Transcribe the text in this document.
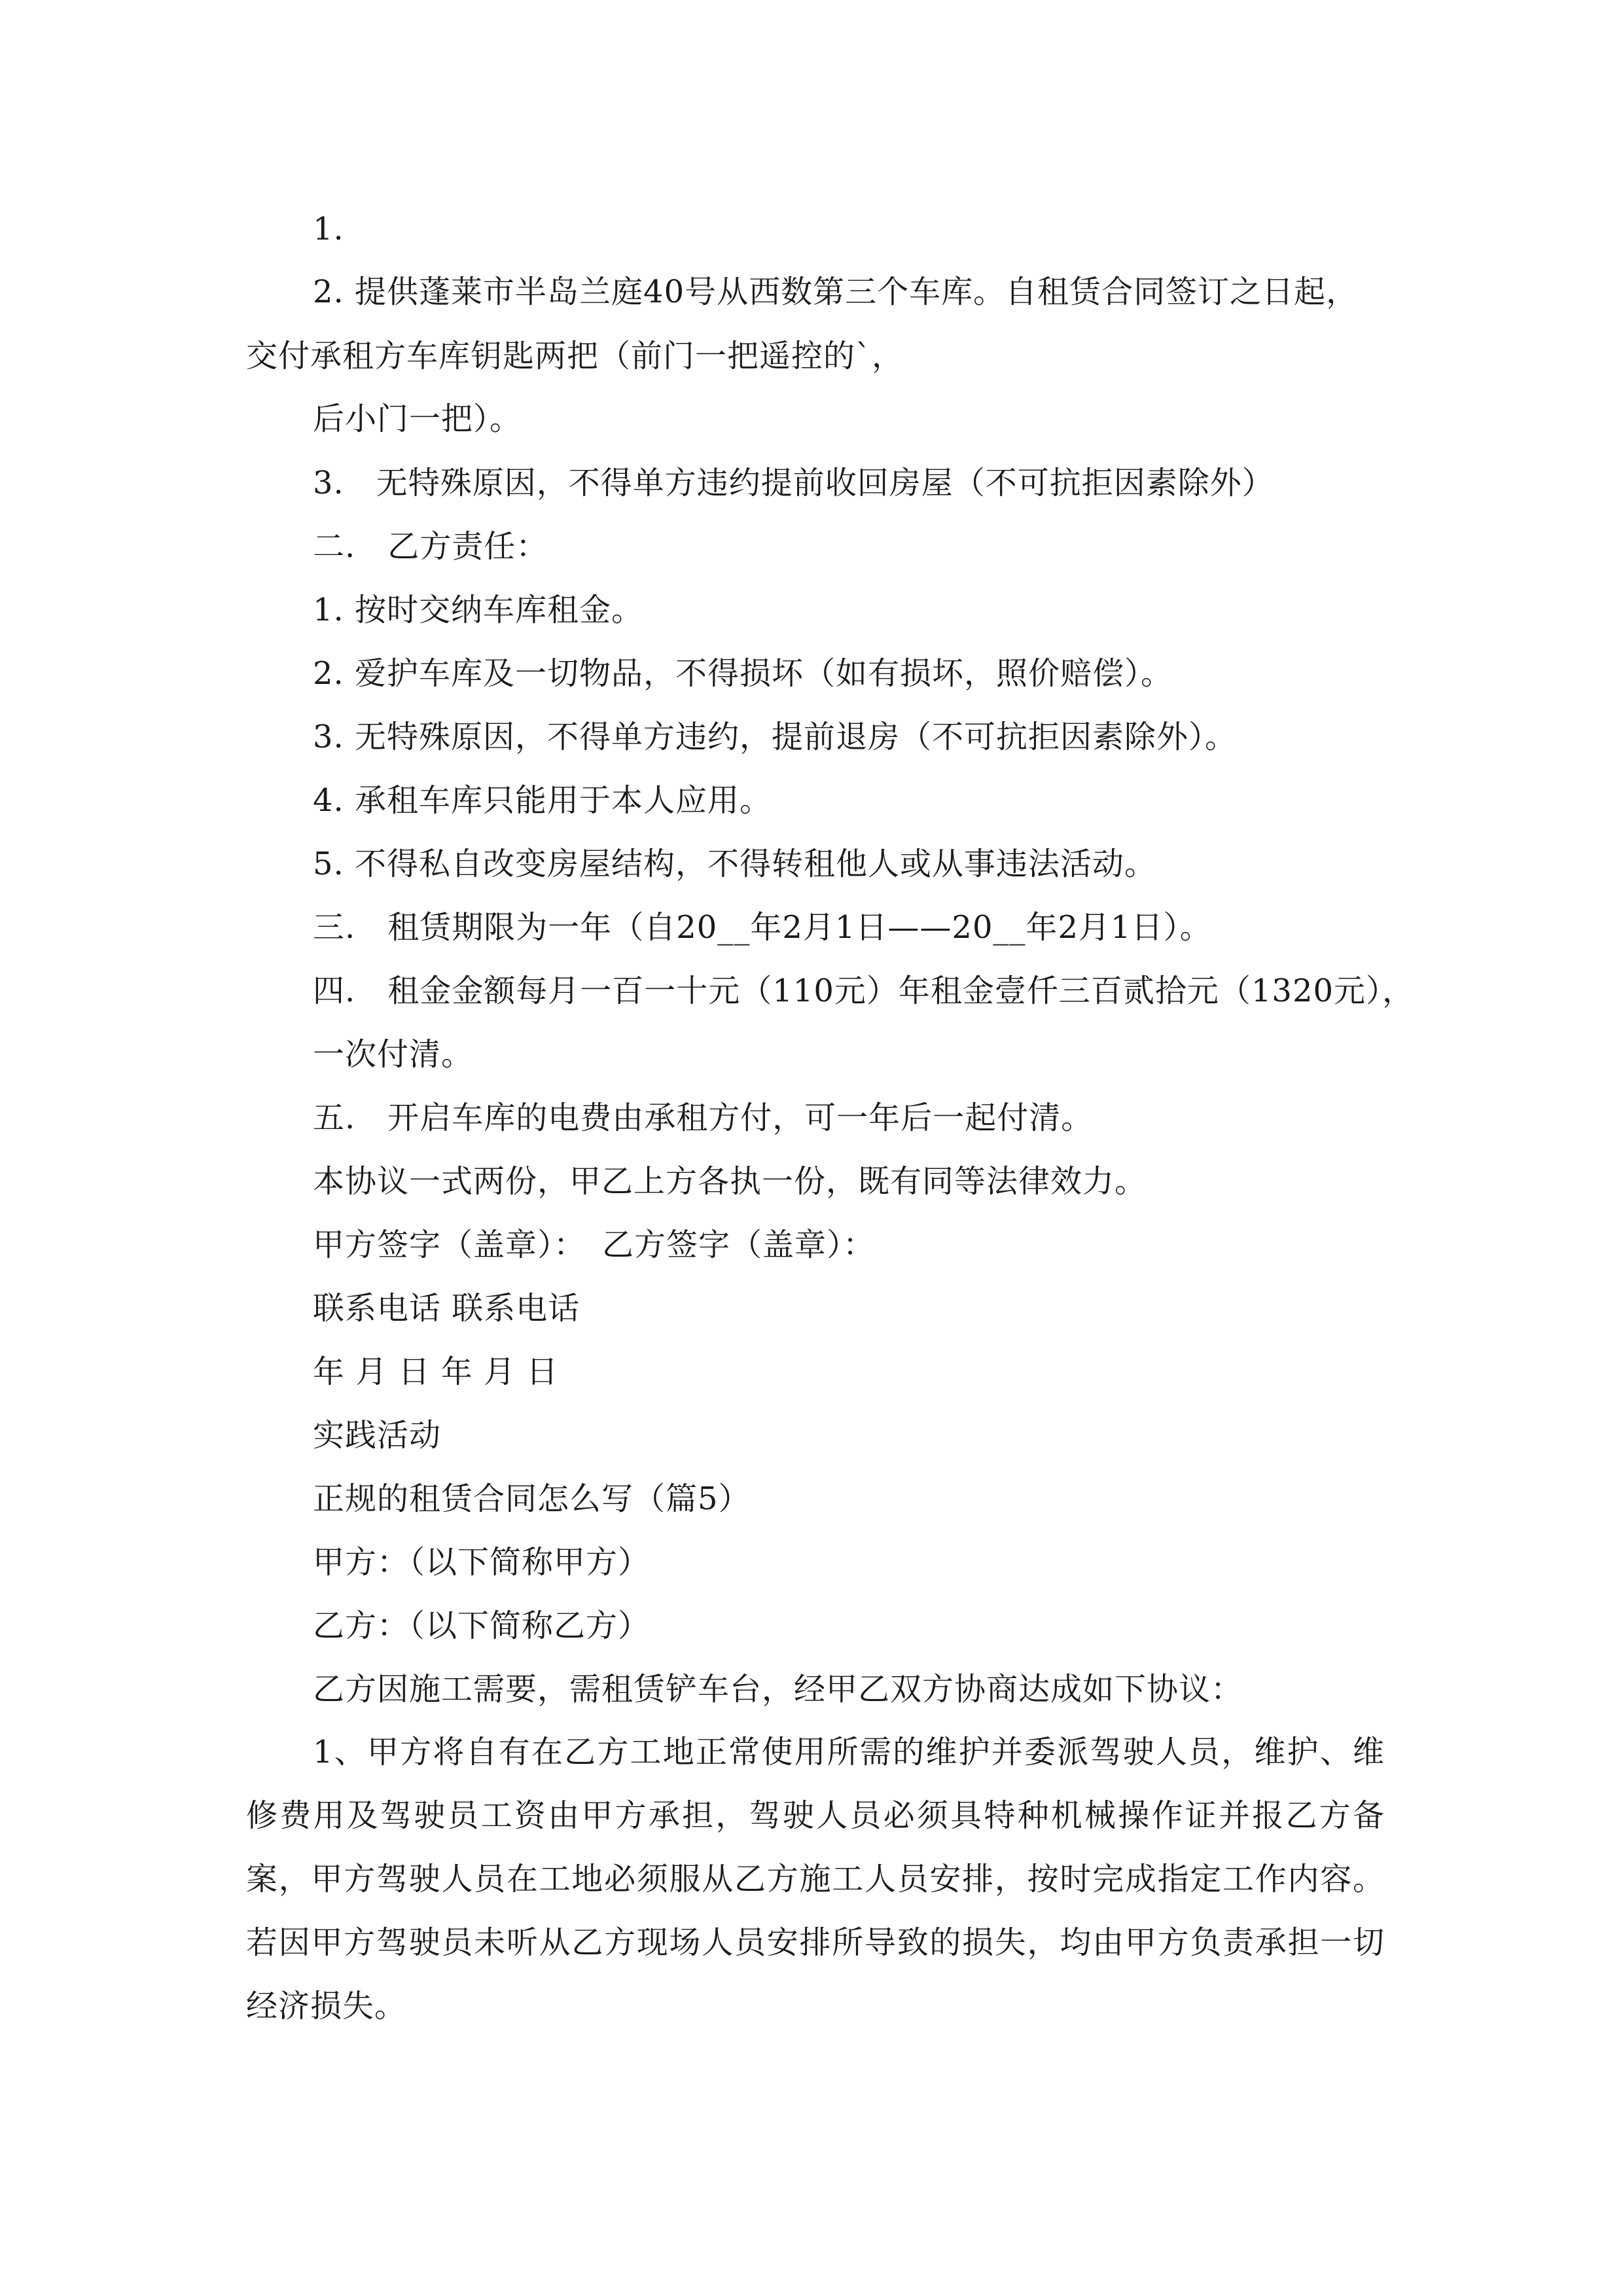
1.
2. 提供蓬莱市半岛兰庭40号从西数第三个车库。自租赁合同签订之日起，
交付承租方车库钥匙两把（前门一把遥控的`，
后小门一把）。
3.　无特殊原因，不得单方违约提前收回房屋（不可抗拒因素除外）
二.　乙方责任：
1. 按时交纳车库租金。
2. 爱护车库及一切物品，不得损坏（如有损坏，照价赔偿）。
3. 无特殊原因，不得单方违约，提前退房（不可抗拒因素除外）。
4. 承租车库只能用于本人应用。
5. 不得私自改变房屋结构，不得转租他人或从事违法活动。
三.　租赁期限为一年（自20__年2月1日——20__年2月1日）。
四.　租金金额每月一百一十元（110元）年租金壹仟三百贰拾元（1320元），
一次付清。
五.　开启车库的电费由承租方付，可一年后一起付清。
本协议一式两份，甲乙上方各执一份，既有同等法律效力。
甲方签字（盖章）：　乙方签字（盖章）：
联系电话 联系电话
年 月 日 年 月 日
实践活动
正规的租赁合同怎么写（篇5）
甲方：（以下简称甲方）
乙方：（以下简称乙方）
乙方因施工需要，需租赁铲车台，经甲乙双方协商达成如下协议：
1、甲方将自有在乙方工地正常使用所需的维护并委派驾驶人员，维护、维修费用及驾驶员工资由甲方承担，驾驶人员必须具特种机械操作证并报乙方备案，甲方驾驶人员在工地必须服从乙方施工人员安排，按时完成指定工作内容。若因甲方驾驶员未听从乙方现场人员安排所导致的损失，均由甲方负责承担一切经济损失。
